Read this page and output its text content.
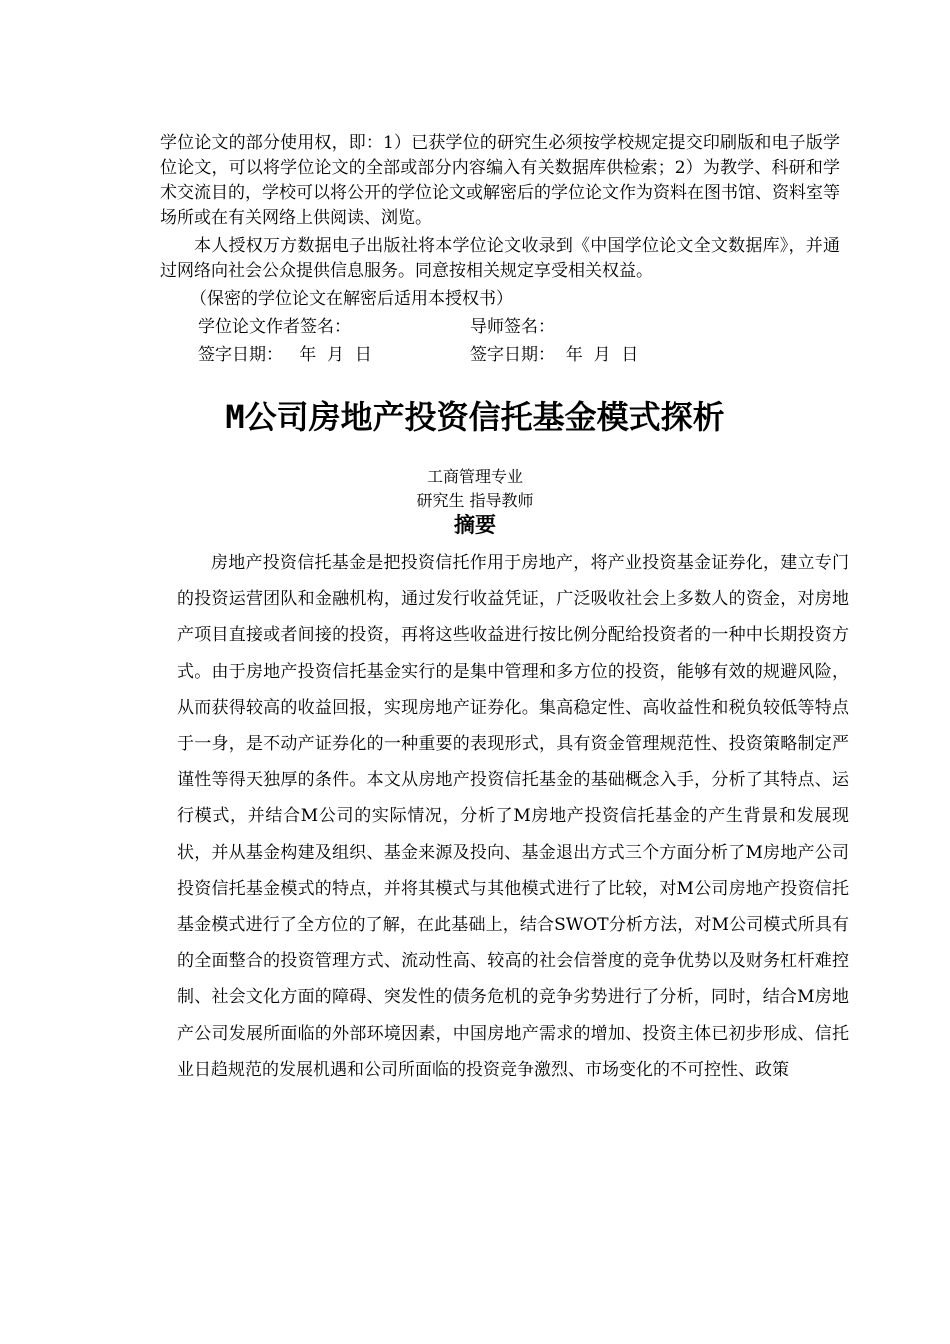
学位论文的部分使用权，即：1）已获学位的研究生必须按学校规定提交印刷版和电子版学位论文，可以将学位论文的全部或部分内容编入有关数据库供检索；2）为教学、科研和学术交流目的，学校可以将公开的学位论文或解密后的学位论文作为资料在图书馆、资料室等场所或在有关网络上供阅读、浏览。

本人授权万方数据电子出版社将本学位论文收录到《中国学位论文全文数据库》，并通过网络向社会公众提供信息服务。同意按相关规定享受相关权益。

（保密的学位论文在解密后适用本授权书）

学位论文作者签名：	导师签名：
签字日期：   年  月  日	签字日期：  年  月  日
M公司房地产投资信托基金模式探析

工商管理专业

研究生 指导教师

摘要

房地产投资信托基金是把投资信托作用于房地产，将产业投资基金证券化，建立专门的投资运营团队和金融机构，通过发行收益凭证，广泛吸收社会上多数人的资金，对房地产项目直接或者间接的投资，再将这些收益进行按比例分配给投资者的一种中长期投资方式。由于房地产投资信托基金实行的是集中管理和多方位的投资，能够有效的规避风险，从而获得较高的收益回报，实现房地产证券化。集高稳定性、高收益性和税负较低等特点于一身，是不动产证券化的一种重要的表现形式，具有资金管理规范性、投资策略制定严谨性等得天独厚的条件。本文从房地产投资信托基金的基础概念入手，分析了其特点、运行模式，并结合M公司的实际情况，分析了M房地产投资信托基金的产生背景和发展现状，并从基金构建及组织、基金来源及投向、基金退出方式三个方面分析了M房地产公司投资信托基金模式的特点，并将其模式与其他模式进行了比较，对M公司房地产投资信托基金模式进行了全方位的了解，在此基础上，结合SWOT分析方法，对M公司模式所具有的全面整合的投资管理方式、流动性高、较高的社会信誉度的竞争优势以及财务杠杆难控制、社会文化方面的障碍、突发性的债务危机的竞争劣势进行了分析，同时，结合M房地产公司发展所面临的外部环境因素，中国房地产需求的增加、投资主体已初步形成、信托业日趋规范的发展机遇和公司所面临的投资竞争激烈、市场变化的不可控性、政策
